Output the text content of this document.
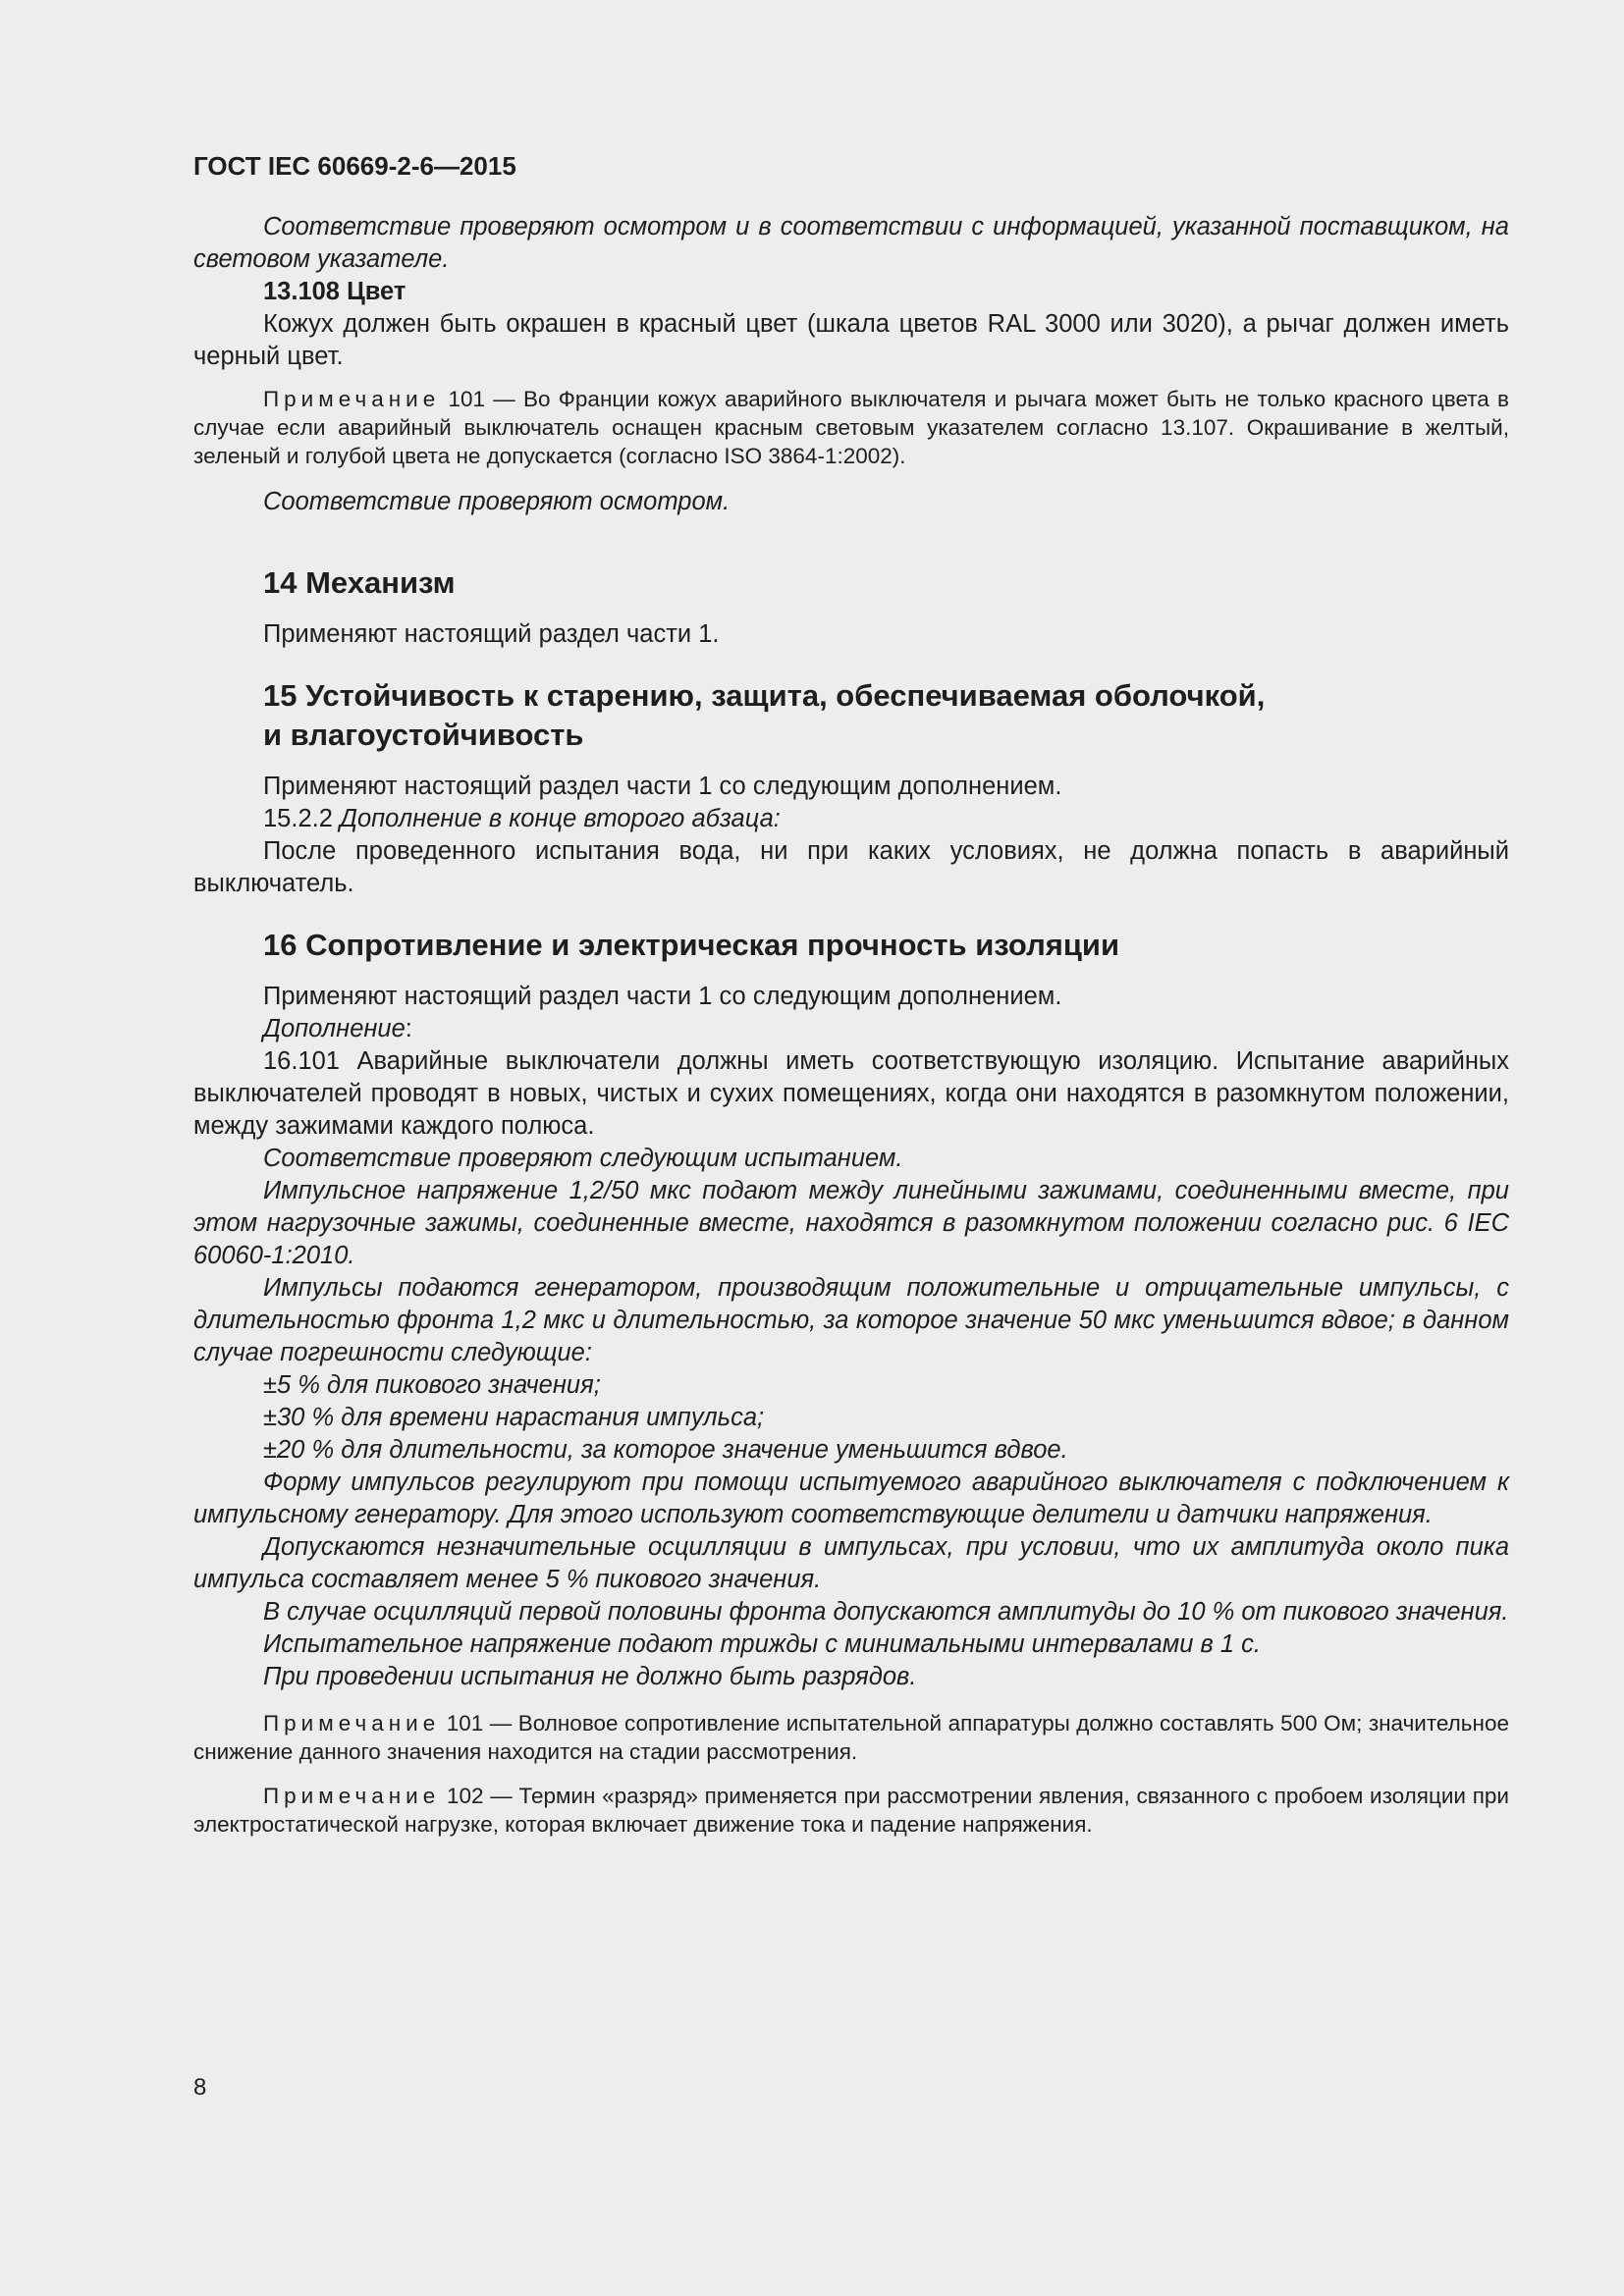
ГОСТ IEC 60669-2-6—2015

Соответствие проверяют осмотром и в соответствии с информацией, указанной поставщиком, на световом указателе.

13.108 Цвет

Кожух должен быть окрашен в красный цвет (шкала цветов RAL 3000 или 3020), а рычаг должен иметь черный цвет.

Примечание 101 — Во Франции кожух аварийного выключателя и рычага может быть не только красного цвета в случае если аварийный выключатель оснащен красным световым указателем согласно 13.107. Окрашивание в желтый, зеленый и голубой цвета не допускается (согласно ISO 3864-1:2002).

Соответствие проверяют осмотром.

14 Механизм

Применяют настоящий раздел части 1.

15 Устойчивость к старению, защита, обеспечиваемая оболочкой,
и влагоустойчивость

Применяют настоящий раздел части 1 со следующим дополнением.

15.2.2 Дополнение в конце второго абзаца:

После проведенного испытания вода, ни при каких условиях, не должна попасть в аварийный выключатель.

16 Сопротивление и электрическая прочность изоляции

Применяют настоящий раздел части 1 со следующим дополнением.

Дополнение:

16.101 Аварийные выключатели должны иметь соответствующую изоляцию. Испытание аварийных выключателей проводят в новых, чистых и сухих помещениях, когда они находятся в разомкнутом положении, между зажимами каждого полюса.

Соответствие проверяют следующим испытанием.

Импульсное напряжение 1,2/50 мкс подают между линейными зажимами, соединенными вместе, при этом нагрузочные зажимы, соединенные вместе, находятся в разомкнутом положении согласно рис. 6 IEC 60060-1:2010.

Импульсы подаются генератором, производящим положительные и отрицательные импульсы, с длительностью фронта 1,2 мкс и длительностью, за которое значение 50 мкс уменьшится вдвое; в данном случае погрешности следующие:

±5 % для пикового значения;

±30 % для времени нарастания импульса;

±20 % для длительности, за которое значение уменьшится вдвое.

Форму импульсов регулируют при помощи испытуемого аварийного выключателя с подключением к импульсному генератору. Для этого используют соответствующие делители и датчики напряжения.

Допускаются незначительные осцилляции в импульсах, при условии, что их амплитуда около пика импульса составляет менее 5 % пикового значения.

В случае осцилляций первой половины фронта допускаются амплитуды до 10 % от пикового значения.

Испытательное напряжение подают трижды с минимальными интервалами в 1 с.

При проведении испытания не должно быть разрядов.

Примечание 101 — Волновое сопротивление испытательной аппаратуры должно составлять 500 Ом; значительное снижение данного значения находится на стадии рассмотрения.

Примечание 102 — Термин «разряд» применяется при рассмотрении явления, связанного с пробоем изоляции при электростатической нагрузке, которая включает движение тока и падение напряжения.

8
